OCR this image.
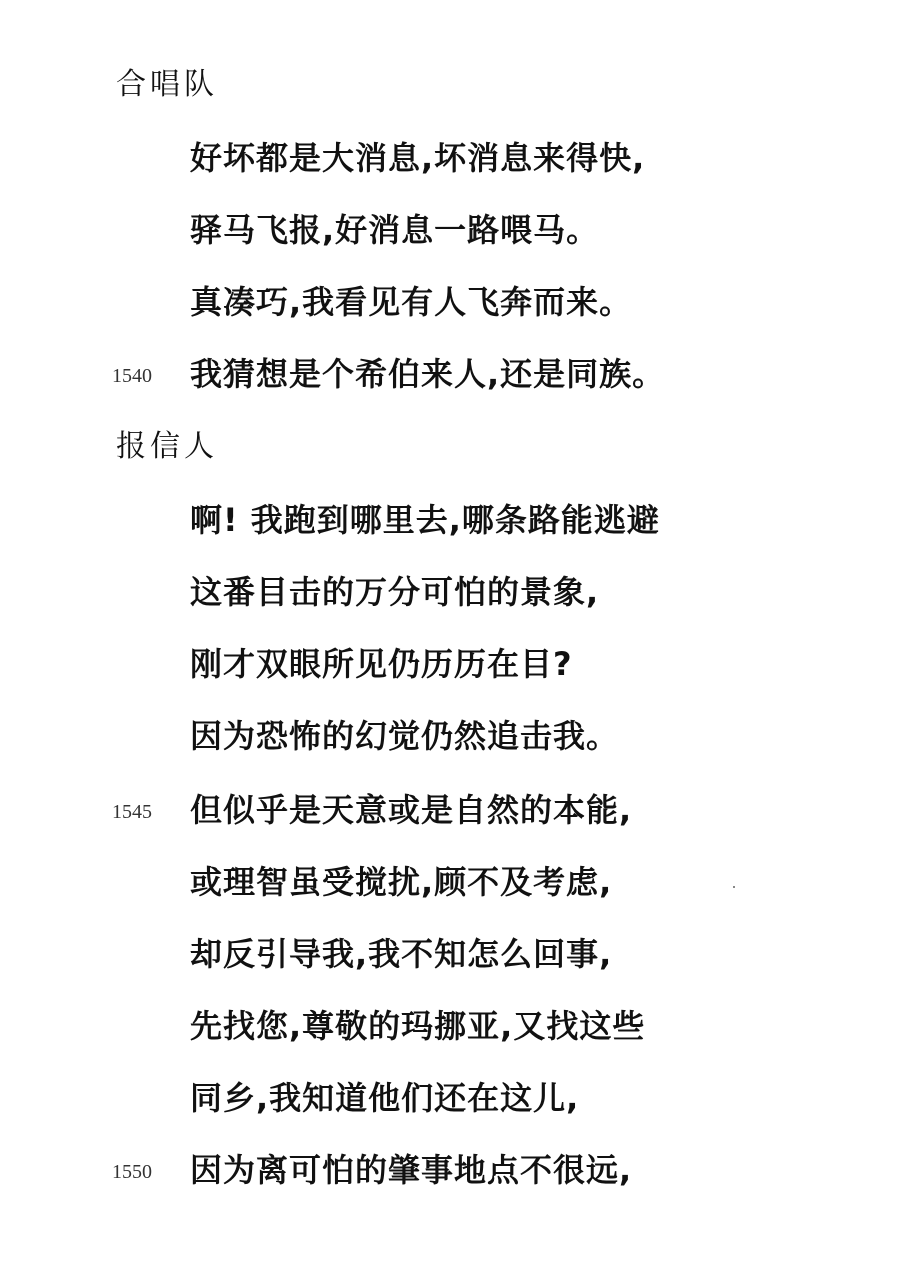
合唱队
好坏都是大消息,坏消息来得快,
驿马飞报,好消息一路喂马。
真凑巧,我看见有人飞奔而来。
1540 我猜想是个希伯来人,还是同族。
报信人
啊! 我跑到哪里去,哪条路能逃避
这番目击的万分可怕的景象,
刚才双眼所见仍历历在目?
因为恐怖的幻觉仍然追击我。
1545 但似乎是天意或是自然的本能,
或理智虽受搅扰,顾不及考虑,
却反引导我,我不知怎么回事,
先找您,尊敬的玛挪亚,又找这些
同乡,我知道他们还在这儿,
1550 因为离可怕的肇事地点不很远,
